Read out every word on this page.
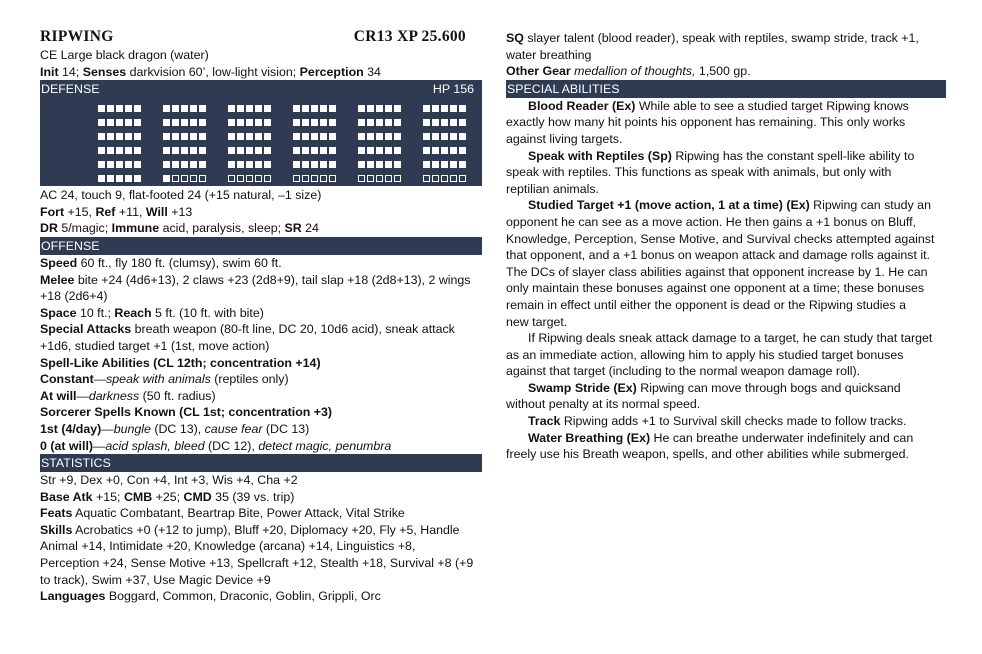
RIPWING	CR13 XP 25.600
CE Large black dragon (water)
Init 14; Senses darkvision 60’, low-light vision; Perception 34
DEFENSE	HP 156
AC 24, touch 9, flat-footed 24 (+15 natural, –1 size)
Fort +15, Ref +11, Will +13
DR 5/magic; Immune acid, paralysis, sleep; SR 24
OFFENSE
Speed 60 ft., fly 180 ft. (clumsy), swim 60 ft.
Melee bite +24 (4d6+13), 2 claws +23 (2d8+9), tail slap +18 (2d8+13), 2 wings
+18 (2d6+4)
Space 10 ft.; Reach 5 ft. (10 ft. with bite)
Special Attacks breath weapon (80-ft line, DC 20, 10d6 acid), sneak attack
+1d6, studied target +1 (1st, move action)
Spell-Like Abilities (CL 12th; concentration +14)
Constant—speak with animals (reptiles only)
At will—darkness (50 ft. radius)
Sorcerer Spells Known (CL 1st; concentration +3)
1st (4/day)—bungle (DC 13), cause fear (DC 13)
0 (at will)—acid splash, bleed (DC 12), detect magic, penumbra
STATISTICS
Str +9, Dex +0, Con +4, Int +3, Wis +4, Cha +2
Base Atk +15; CMB +25; CMD 35 (39 vs. trip)
Feats Aquatic Combatant, Beartrap Bite, Power Attack, Vital Strike
Skills Acrobatics +0 (+12 to jump), Bluff +20, Diplomacy +20, Fly +5, Handle
Animal +14, Intimidate +20, Knowledge (arcana) +14, Linguistics +8,
Perception +24, Sense Motive +13, Spellcraft +12, Stealth +18, Survival +8 (+9
to track), Swim +37, Use Magic Device +9
Languages Boggard, Common, Draconic, Goblin, Grippli, Orc
SQ slayer talent (blood reader), speak with reptiles, swamp stride, track +1,
water breathing
Other Gear medallion of thoughts, 1,500 gp.
SPECIAL ABILITIES
Blood Reader (Ex) While able to see a studied target Ripwing knows
exactly how many hit points his opponent has remaining. This only works
against living targets.
Speak with Reptiles (Sp) Ripwing has the constant spell-like ability to
speak with reptiles. This functions as speak with animals, but only with
reptilian animals.
Studied Target +1 (move action, 1 at a time) (Ex) Ripwing can study an
opponent he can see as a move action. He then gains a +1 bonus on Bluff,
Knowledge, Perception, Sense Motive, and Survival checks attempted against
that opponent, and a +1 bonus on weapon attack and damage rolls against it.
The DCs of slayer class abilities against that opponent increase by 1. He can
only maintain these bonuses against one opponent at a time; these bonuses
remain in effect until either the opponent is dead or the Ripwing studies a
new target.
If Ripwing deals sneak attack damage to a target, he can study that target
as an immediate action, allowing him to apply his studied target bonuses
against that target (including to the normal weapon damage roll).
Swamp Stride (Ex) Ripwing can move through bogs and quicksand
without penalty at its normal speed.
Track Ripwing adds +1 to Survival skill checks made to follow tracks.
Water Breathing (Ex) He can breathe underwater indefinitely and can
freely use his Breath weapon, spells, and other abilities while submerged.
